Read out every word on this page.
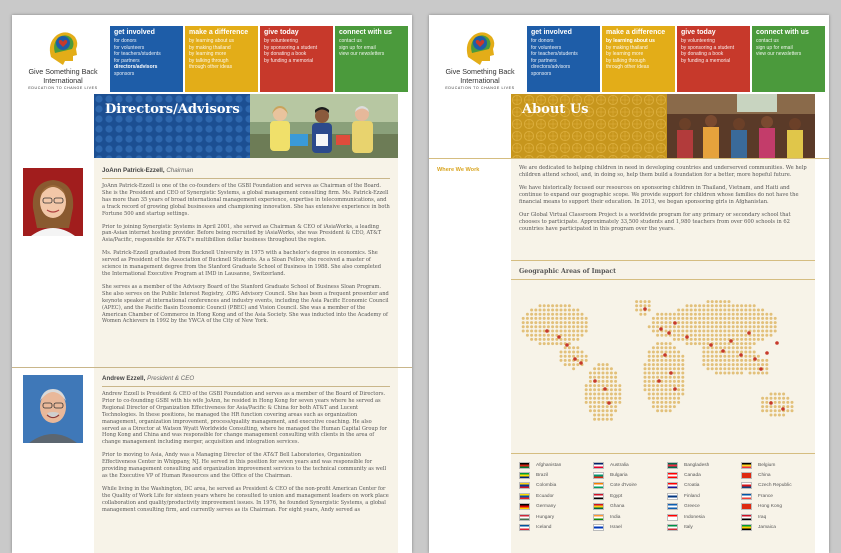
Give Something Back
International
EDUCATION TO CHANGE LIVES
get involved
for donors
for volunteers
for teachers/students
for partners
directors/advisors
sponsors
make a difference
by learning about us
by making thailand
by learning more
by talking through
through other ideas
give today
by volunteering
by sponsoring a student
by donating a book
by funding a memorial
connect with us
contact us
sign up for email
view our newsletters
Directors/Advisors
JoAnn Patrick-Ezzell, Chairman

JoAnn Patrick-Ezzell is one of the co-founders of the GSBI Foundation and serves as Chairman of the Board. She is the President and CEO of Synergistic Systems, a global management consulting firm. Ms. Patrick-Ezzell has more than 35 years of broad international management experience, expertise in telecommunications, and a track record of growing global businesses and championing innovation. She has extensive experience in both Fortune 500 and startup settings.

Prior to joining Synergistic Systems in April 2001, she served as Chairman & CEO of iAsiaWorks, a leading pan-Asian internet hosting provider. Before being recruited by iAsiaWorks, she was President & CEO, AT&T Asia/Pacific, responsible for AT&T's multibillion dollar business throughout the region.

Ms. Patrick-Ezzell graduated from Bucknell University in 1975 with a bachelor's degree in economics. She served as President of the Association of Bucknell Students. As a Sloan Fellow, she received a master of science in management degree from the Stanford Graduate School of Business in 1988. She also completed the International Executive Program at IMD in Lausanne, Switzerland.

She serves as a member of the Advisory Board of the Stanford Graduate School of Business Sloan Program. She also serves on the Public Interest Registry, .ORG Advisory Council. She has been a frequent presenter and keynote speaker at international conferences and industry events, including the Asia Pacific Economic Council (APEC), and the Pacific Basin Economic Council (PBEC) and Vision Council. She was a member of the American Chamber of Commerce in Hong Kong and of the Asia Society. She was inducted into the Academy of Women Achievers in 1992 by the YWCA of the City of New York.

Andrew Ezzell, President & CEO

Andrew Ezzell is President & CEO of the GSBI Foundation and serves as a member of the Board of Directors. Prior to co-founding GSBI with his wife JoAnn, he resided in Hong Kong for seven years where he served as Regional Director of Organization Effectiveness for Asia/Pacific & China for both AT&T and Lucent Technologies. In these positions, he managed the HR function covering areas such as organization management, organization improvement, process/quality management, and executive coaching. He also served as a Director at Watson Wyatt Worldwide Consulting, where he managed the Human Capital Group for Hong Kong and China and was responsible for change management consulting with clients in the area of change management including merger, acquisition and integration services.

Prior to moving to Asia, Andy was a Managing Director of the AT&T Bell Laboratories, Organization Effectiveness Center in Whippany, NJ. He served in this position for seven years and was responsible for providing management consulting and organization improvement services to the technical community as well as the Executive VP of Human Resources and the Office of the Chairman.

While living in the Washington, DC area, he served as President & CEO of the non-profit American Center for the Quality of Work Life for sixteen years where he consulted to union and management leaders on work place collaboration and quality/productivity improvement issues. In 1976, he founded Synergistic Systems, a global management consulting firm, and currently serves as its Chairman. For eight years, Andy served as

Give Something Back
International
EDUCATION TO CHANGE LIVES
get involved
for donors
for volunteers
for teachers/students
for partners
directors/advisors
sponsors
make a difference
by learning about us
by making thailand
by learning more
by talking through
through other ideas
give today
by volunteering
by sponsoring a student
by donating a book
by funding a memorial
connect with us
contact us
sign up for email
view our newsletters
About Us
Where We Work	We are dedicated to helping children in need in developing countries and underserved communities. We help children attend school, and, in doing so, help them build a foundation for a better, more hopeful future.

We have historically focused our resources on sponsoring children in Thailand, Vietnam, and Haiti and continue to expand our geographic scope. We provide support for children whose families do not have the financial means to support their education. In 2013, we began sponsoring girls in Afghanistan.

Our Global Virtual Classroom Project is a worldwide program for any primary or secondary school that chooses to participate. Approximately 33,500 students and 1,980 teachers from over 600 schools in 62 countries have participated in this program over the years.

Geographic Areas of Impact
Afghanistan
Brazil
Colombia
Ecuador
Germany
Hungary
Iceland
Australia
Bulgaria
Cote d'Ivoire
Egypt
Ghana
India
Israel
Bangladesh
Canada
Croatia
Finland
Greece
Indonesia
Italy
Belgium
China
Czech Republic
France
Hong Kong
Iraq
Jamaica
